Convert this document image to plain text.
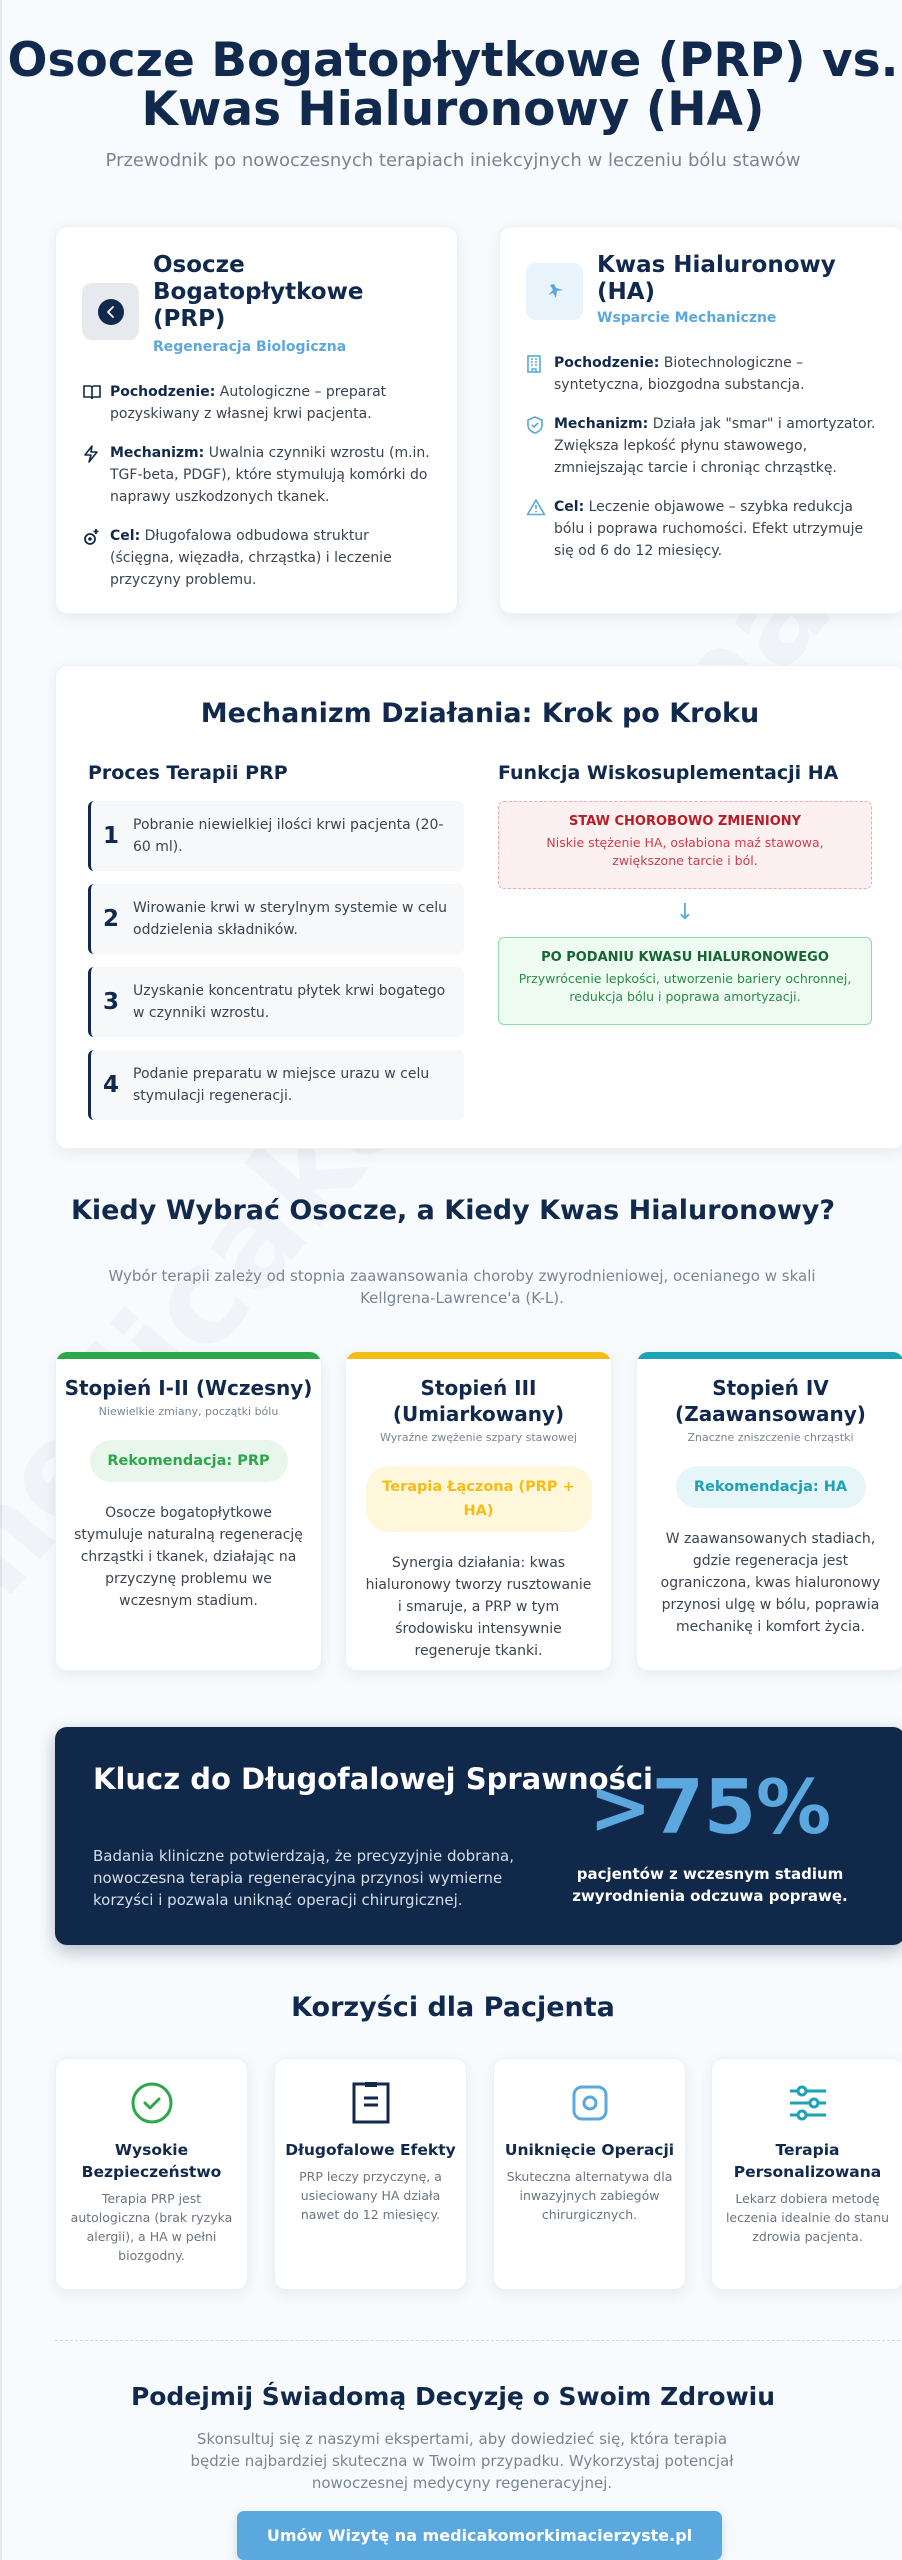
Osocze Bogatopłytkowe (PRP) vs. Kwas Hialuronowy (HA)

Przewodnik po nowoczesnych terapiach iniekcyjnych w leczeniu bólu stawów

Osocze Bogatopłytkowe (PRP)
Regeneracja Biologiczna
Pochodzenie: Autologiczne – preparat pozyskiwany z własnej krwi pacjenta.
Mechanizm: Uwalnia czynniki wzrostu (m.in. TGF-beta, PDGF), które stymulują komórki do naprawy uszkodzonych tkanek.
Cel: Długofalowa odbudowa struktur (ścięgna, więzadła, chrząstka) i leczenie przyczyny problemu.
Kwas Hialuronowy (HA)
Wsparcie Mechaniczne
Pochodzenie: Biotechnologiczne – syntetyczna, biozgodna substancja.
Mechanizm: Działa jak "smar" i amortyzator. Zwiększa lepkość płynu stawowego, zmniejszając tarcie i chroniąc chrząstkę.
Cel: Leczenie objawowe – szybka redukcja bólu i poprawa ruchomości. Efekt utrzymuje się od 6 do 12 miesięcy.
Mechanizm Działania: Krok po Kroku
Proces Terapii PRP	Funkcja Wiskosuplementacji HA
1 Pobranie niewielkiej ilości krwi pacjenta (20-60 ml).
2 Wirowanie krwi w sterylnym systemie w celu oddzielenia składników.
3 Uzyskanie koncentratu płytek krwi bogatego w czynniki wzrostu.
4 Podanie preparatu w miejsce urazu w celu stymulacji regeneracji.
STAW CHOROBOWO ZMIENIONY
Niskie stężenie HA, osłabiona maź stawowa, zwiększone tarcie i ból.
↓
PO PODANIU KWASU HIALURONOWEGO
Przywrócenie lepkości, utworzenie bariery ochronnej, redukcja bólu i poprawa amortyzacji.
Kiedy Wybrać Osocze, a Kiedy Kwas Hialuronowy?

Wybór terapii zależy od stopnia zaawansowania choroby zwyrodnieniowej, ocenianego w skali Kellgrena-Lawrence'a (K-L).

Stopień I-II (Wczesny)
Niewielkie zmiany, początki bólu
Rekomendacja: PRP
Osocze bogatopłytkowe stymuluje naturalną regenerację chrząstki i tkanek, działając na przyczynę problemu we wczesnym stadium.
Stopień III (Umiarkowany)
Wyraźne zwężenie szpary stawowej
Terapia Łączona (PRP + HA)
Synergia działania: kwas hialuronowy tworzy rusztowanie i smaruje, a PRP w tym środowisku intensywnie regeneruje tkanki.
Stopień IV (Zaawansowany)
Znaczne zniszczenie chrząstki
Rekomendacja: HA
W zaawansowanych stadiach, gdzie regeneracja jest ograniczona, kwas hialuronowy przynosi ulgę w bólu, poprawia mechanikę i komfort życia.
Klucz do Długofalowej Sprawności
Badania kliniczne potwierdzają, że precyzyjnie dobrana, nowoczesna terapia regeneracyjna przynosi wymierne korzyści i pozwala uniknąć operacji chirurgicznej.
>75%
pacjentów z wczesnym stadium zwyrodnienia odczuwa poprawę.
Korzyści dla Pacjenta
Wysokie Bezpieczeństwo
Terapia PRP jest autologiczna (brak ryzyka alergii), a HA w pełni biozgodny.
Długofalowe Efekty
PRP leczy przyczynę, a usieciowany HA działa nawet do 12 miesięcy.
Uniknięcie Operacji
Skuteczna alternatywa dla inwazyjnych zabiegów chirurgicznych.
Terapia Personalizowana
Lekarz dobiera metodę leczenia idealnie do stanu zdrowia pacjenta.
Podejmij Świadomą Decyzję o Swoim Zdrowiu

Skonsultuj się z naszymi ekspertami, aby dowiedzieć się, która terapia będzie najbardziej skuteczna w Twoim przypadku. Wykorzystaj potencjał nowoczesnej medycyny regeneracyjnej.

Umów Wizytę na medicakomorkimacierzyste.pl
